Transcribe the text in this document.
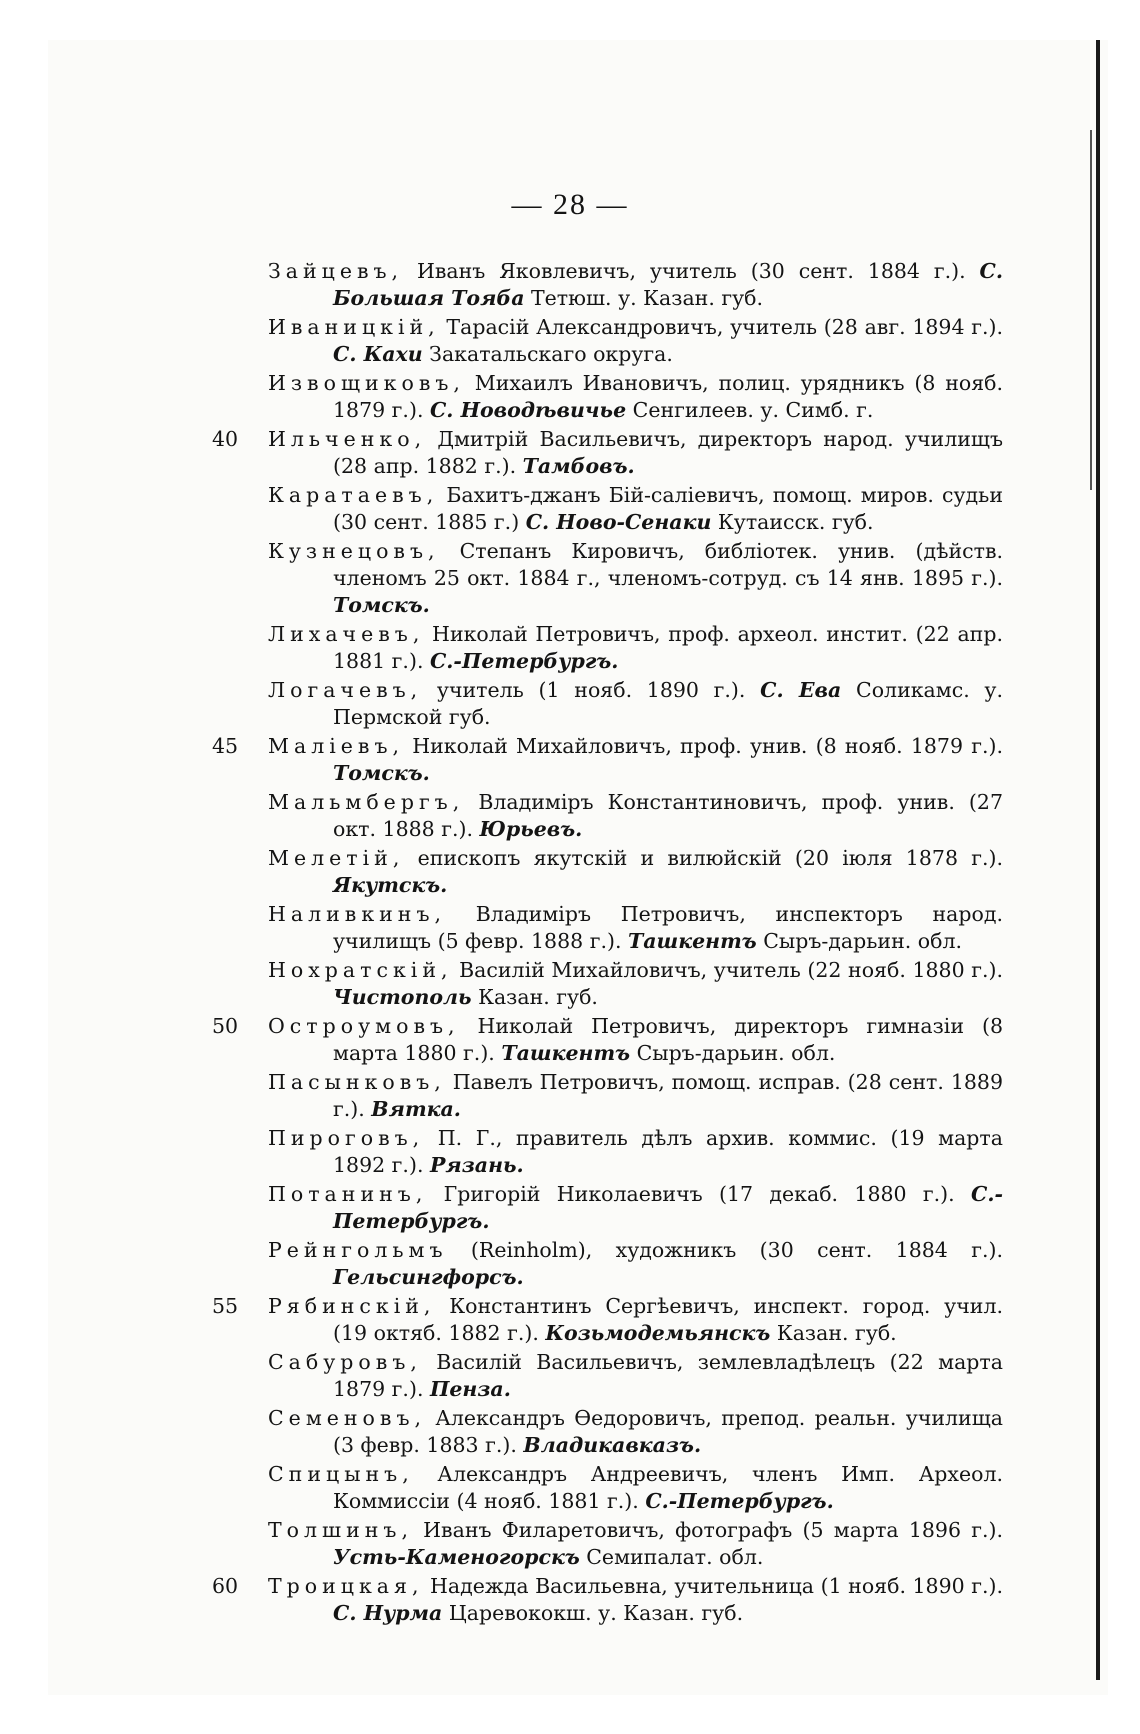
— 28 —
Зайцевъ, Иванъ Яковлевичъ, учитель (30 сент. 1884 г.). С. Большая Тояба Тетюш. у. Казан. губ.
Иваницкій, Тарасій Александровичъ, учитель (28 авг. 1894 г.). С. Кахи Закатальскаго округа.
Извощиковъ, Михаилъ Ивановичъ, полиц. урядникъ (8 нояб. 1879 г.). С. Новодѣвичье Сенгилеев. у. Симб. г.
40	Ильченко, Дмитрій Васильевичъ, директоръ народ. училищъ (28 апр. 1882 г.). Тамбовъ.
Каратаевъ, Бахитъ-джанъ Бій-саліевичъ, помощ. миров. судьи (30 сент. 1885 г.) С. Ново-Сенаки Кутаисск. губ.
Кузнецовъ, Степанъ Кировичъ, библіотек. унив. (дѣйств. членомъ 25 окт. 1884 г., членомъ-сотруд. съ 14 янв. 1895 г.). Томскъ.
Лихачевъ, Николай Петровичъ, проф. археол. инстит. (22 апр. 1881 г.). С.-Петербургъ.
Логачевъ, учитель (1 нояб. 1890 г.). С. Ева Соликамс. у. Пермской губ.
45	Маліевъ, Николай Михайловичъ, проф. унив. (8 нояб. 1879 г.). Томскъ.
Мальмбергъ, Владиміръ Константиновичъ, проф. унив. (27 окт. 1888 г.). Юрьевъ.
Мелетій, епископъ якутскій и вилюйскій (20 іюля 1878 г.). Якутскъ.
Наливкинъ, Владиміръ Петровичъ, инспекторъ народ. училищъ (5 февр. 1888 г.). Ташкентъ Сыръ-дарьин. обл.
Нохратскій, Василій Михайловичъ, учитель (22 нояб. 1880 г.). Чистополь Казан. губ.
50	Остроумовъ, Николай Петровичъ, директоръ гимназіи (8 марта 1880 г.). Ташкентъ Сыръ-дарьин. обл.
Пасынковъ, Павелъ Петровичъ, помощ. исправ. (28 сент. 1889 г.). Вятка.
Пироговъ, П. Г., правитель дѣлъ архив. коммис. (19 марта 1892 г.). Рязань.
Потанинъ, Григорій Николаевичъ (17 декаб. 1880 г.). С.-Петербургъ.
Рейнгольмъ (Reinholm), художникъ (30 сент. 1884 г.). Гельсингфорсъ.
55	Рябинскій, Константинъ Сергѣевичъ, инспект. город. учил. (19 октяб. 1882 г.). Козьмодемьянскъ Казан. губ.
Сабуровъ, Василій Васильевичъ, землевладѣлецъ (22 марта 1879 г.). Пенза.
Семеновъ, Александръ Өедоровичъ, препод. реальн. училища (3 февр. 1883 г.). Владикавказъ.
Спицынъ, Александръ Андреевичъ, членъ Имп. Археол. Коммиссіи (4 нояб. 1881 г.). С.-Петербургъ.
Толшинъ, Иванъ Филаретовичъ, фотографъ (5 марта 1896 г.). Усть-Каменогорскъ Семипалат. обл.
60	Троицкая, Надежда Васильевна, учительница (1 нояб. 1890 г.). С. Нурма Царевококш. у. Казан. губ.
